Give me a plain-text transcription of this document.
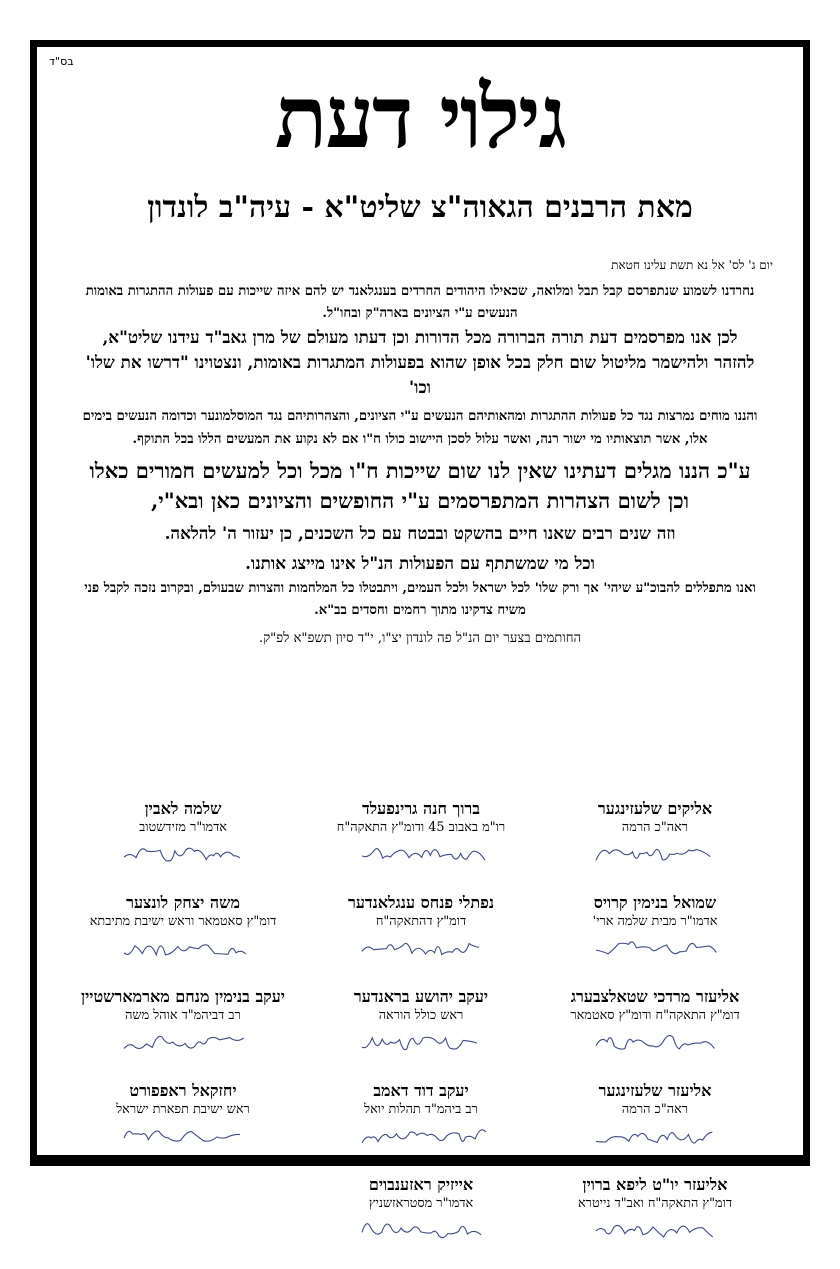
בס"ד
גילוי דעת
מאת הרבנים הגאוה"צ שליט"א - עיה"ב לונדון
יום ג' לס' אל נא תשת עלינו חטאת

נחרדנו לשמוע שנתפרסם קבל תבל ומלואה, שכאילו היהודים החרדים בענגלאנד יש להם איזה שייכות עם פעולות ההתגרות באומות הנעשים ע"י הציונים בארה"ק ובחו"ל.

לכן אנו מפרסמים דעת תורה הברורה מכל הדורות וכן דעתו מעולם של מרן גאב"ד עידנו שליט"א, להזהר ולהישמר מליטול שום חלק בכל אופן שהוא בפעולות המתגרות באומות, ונצטוינו "דרשו את שלו' וכו'

והננו מוחים נמרצות נגד כל פעולות ההתגרות ומהאותיהם הנעשים ע"י הציונים, והצהרותיהם נגד המוסלמונער וכדומה הנעשים בימים אלו, אשר תוצאותיו מי ישור רנה, ואשר עלול לסכן היישוב כולו ח"ו אם לא נקוע את המעשים הללו בכל התוקף.

ע"כ הננו מגלים דעתינו שאין לנו שום שייכות ח"ו מכל וכל למעשים חמורים כאלו וכן לשום הצהרות המתפרסמים ע"י החופשים והציונים כאן ובא"י,

וזה שנים רבים שאנו חיים בהשקט ובבטח עם כל השכנים, כן יעזור ה' להלאה.

וכל מי שמשתתף עם הפעולות הנ"ל אינו מייצג אותנו.

ואנו מתפללים להבוכ"ע שיהי' אך ורק שלו' לכל ישראל ולכל העמים, ויתבטלו כל המלחמות והצרות שבעולם, ובקרוב נזכה לקבל פני משיח צדקינו מתוך רחמים וחסדים בב"א.

החותמים בצער יום הנ"ל פה לונדון יצ"ו, י"ד סיון תשפ"א לפ"ק.

אליקים שלעזינגער
ראה"כ הרמה
שמואל בנימין קרויס
אדמו"ר מבית שלמה ארי'
אליעזר מרדכי שטאלצבערג
דומ"ץ התאקה"ח ודומ"ץ סאטמאר
אליעזר שלעזינגער
ראה"כ הרמה
אליעזר יו"ט ליפא ברוין
דומ"ץ התאקה"ח ואב"ד נייטרא
ברוך חנה גרינפעלד
רו"מ באבוב 45 ודומ"ץ התאקה"ח
נפתלי פנחס ענגלאנדער
דומ"ץ דהתאקה"ח
יעקב יהושע בראנדער
ראש כולל הוראה
יעקב דוד דאמב
רב ביהמ"ד תהלות יואל
אייזיק ראזענבוים
אדמו"ר מסטראזשניץ
שלמה לאבין
אדמו"ר מזידשטוב
משה יצחק לונצער
דומ"ץ סאטמאר וראש ישיבת מתיבתא
יעקב בנימין מנחם מארמארשטיין
רב דביהמ"ד אוהל משה
יחזקאל ראפפורט
ראש ישיבת תפארת ישראל
